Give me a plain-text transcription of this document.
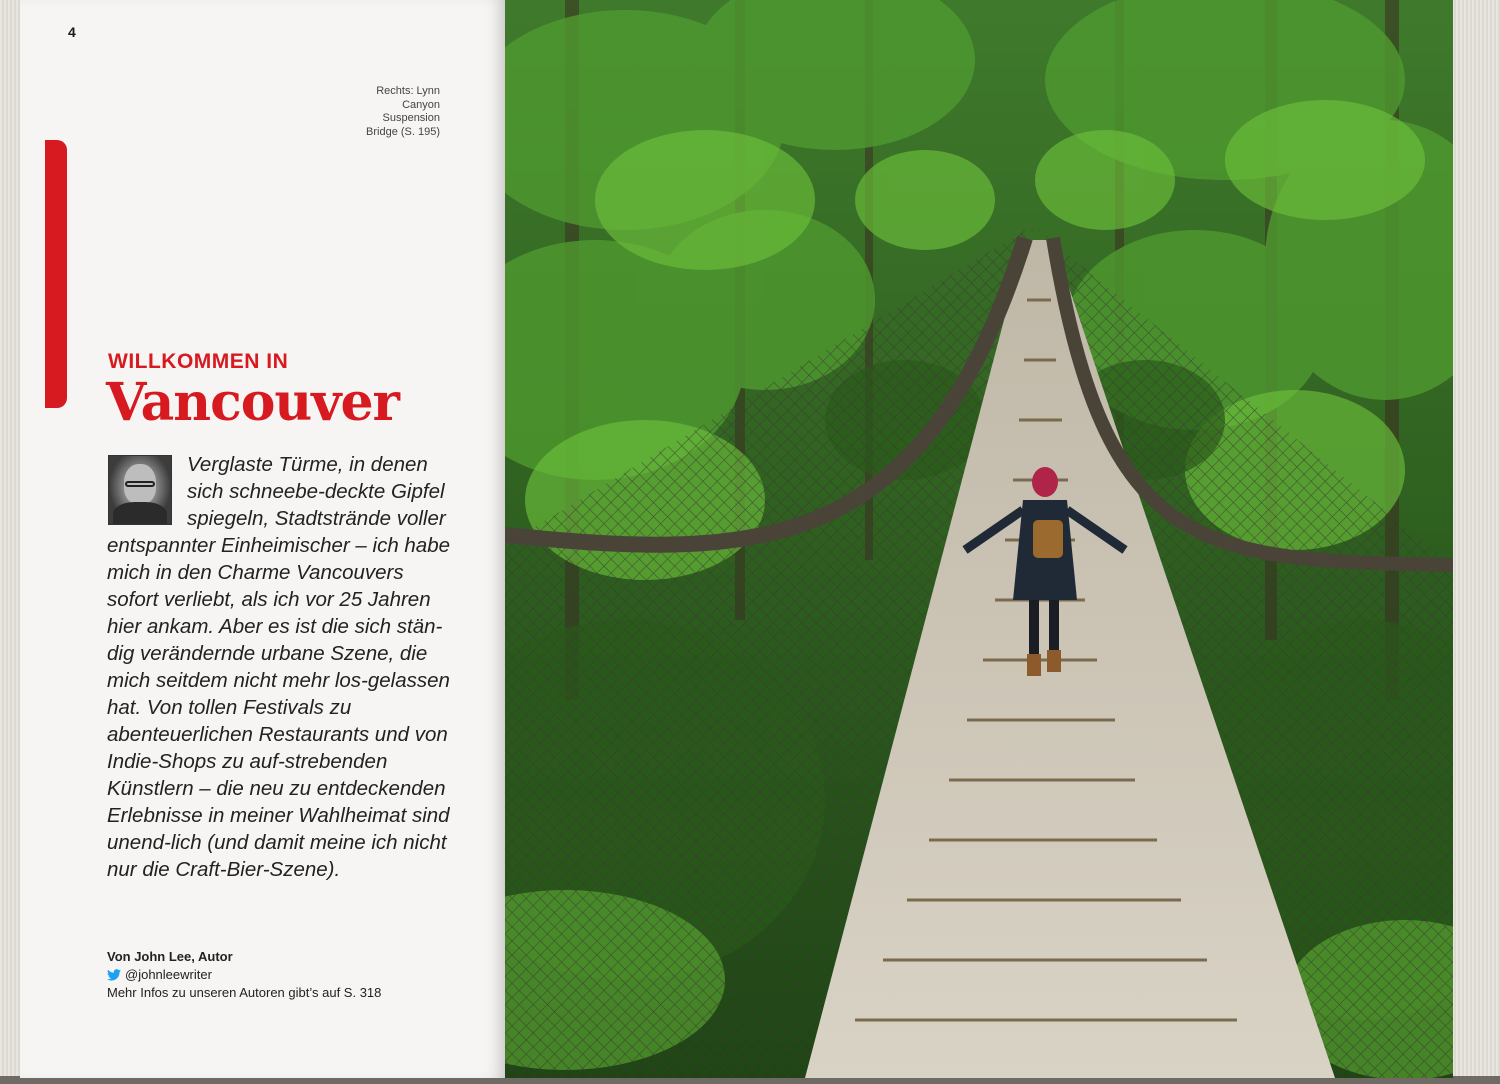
4
Rechts: Lynn Canyon Suspension Bridge (S. 195)
WILLKOMMEN IN
Vancouver

Verglaste Türme, in denen sich schneebe-deckte Gipfel spiegeln, Stadtstrände voller entspannter Einheimischer – ich habe mich in den Charme Vancouvers sofort verliebt, als ich vor 25 Jahren hier ankam. Aber es ist die sich stän-dig verändernde urbane Szene, die mich seitdem nicht mehr los-gelassen hat. Von tollen Festivals zu abenteuerlichen Restaurants und von Indie-Shops zu auf-strebenden Künstlern – die neu zu entdeckenden Erlebnisse in meiner Wahlheimat sind unend-lich (und damit meine ich nicht nur die Craft-Bier-Szene).

Von John Lee, Autor
@johnleewriter
Mehr Infos zu unseren Autoren gibt’s auf S. 318
